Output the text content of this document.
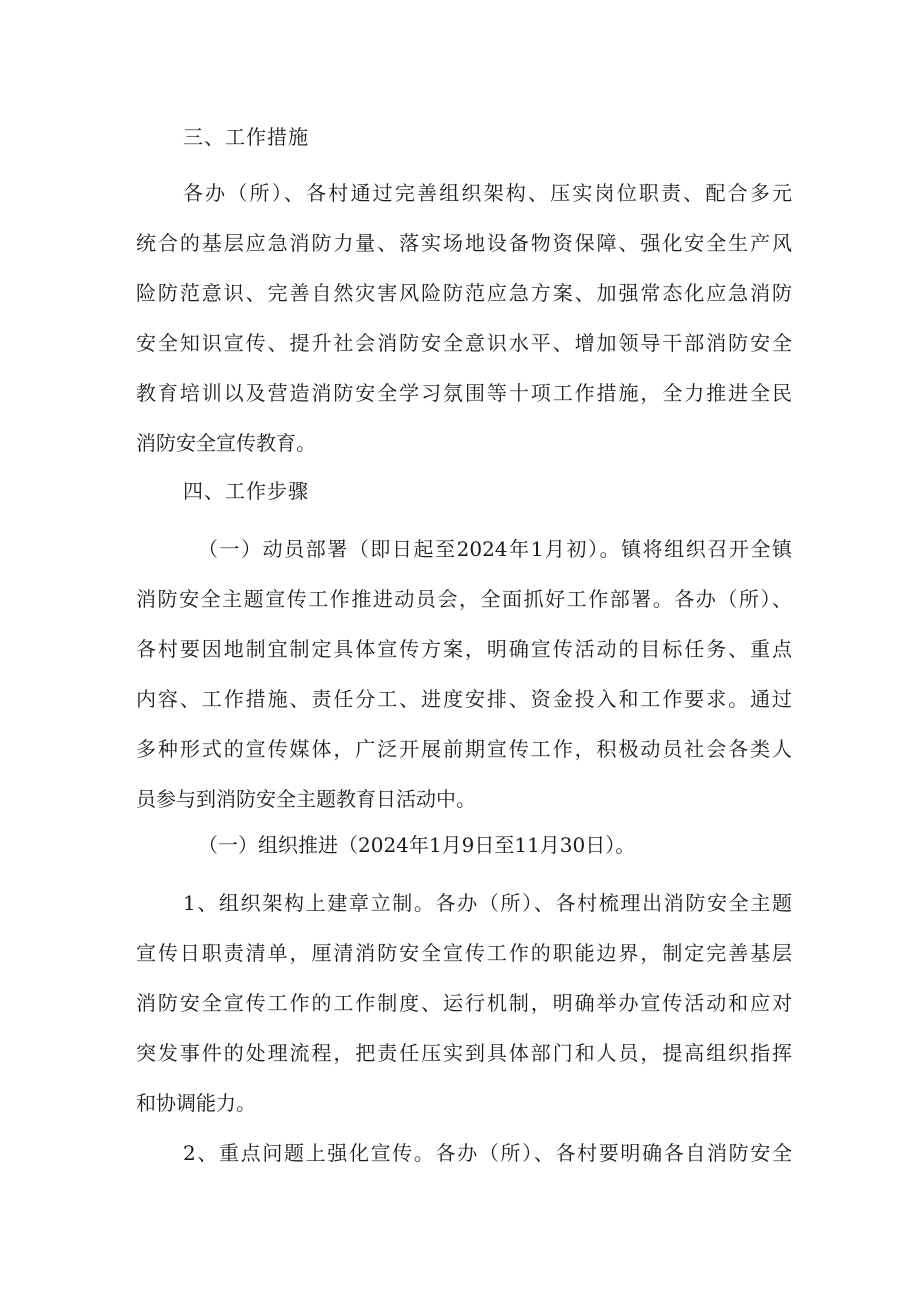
三、工作措施
各办（所）、各村通过完善组织架构、压实岗位职责、配合多元
统合的基层应急消防力量、落实场地设备物资保障、强化安全生产风
险防范意识、完善自然灾害风险防范应急方案、加强常态化应急消防
安全知识宣传、提升社会消防安全意识水平、增加领导干部消防安全
教育培训以及营造消防安全学习氛围等十项工作措施，全力推进全民
消防安全宣传教育。
四、工作步骤
（一）动员部署（即日起至2024年1月初）。镇将组织召开全镇
消防安全主题宣传工作推进动员会，全面抓好工作部署。各办（所）、
各村要因地制宜制定具体宣传方案，明确宣传活动的目标任务、重点
内容、工作措施、责任分工、进度安排、资金投入和工作要求。通过
多种形式的宣传媒体，广泛开展前期宣传工作，积极动员社会各类人
员参与到消防安全主题教育日活动中。
（一）组织推进（2024年1月9日至11月30日）。
1、组织架构上建章立制。各办（所）、各村梳理出消防安全主题
宣传日职责清单，厘清消防安全宣传工作的职能边界，制定完善基层
消防安全宣传工作的工作制度、运行机制，明确举办宣传活动和应对
突发事件的处理流程，把责任压实到具体部门和人员，提高组织指挥
和协调能力。
2、重点问题上强化宣传。各办（所）、各村要明确各自消防安全
